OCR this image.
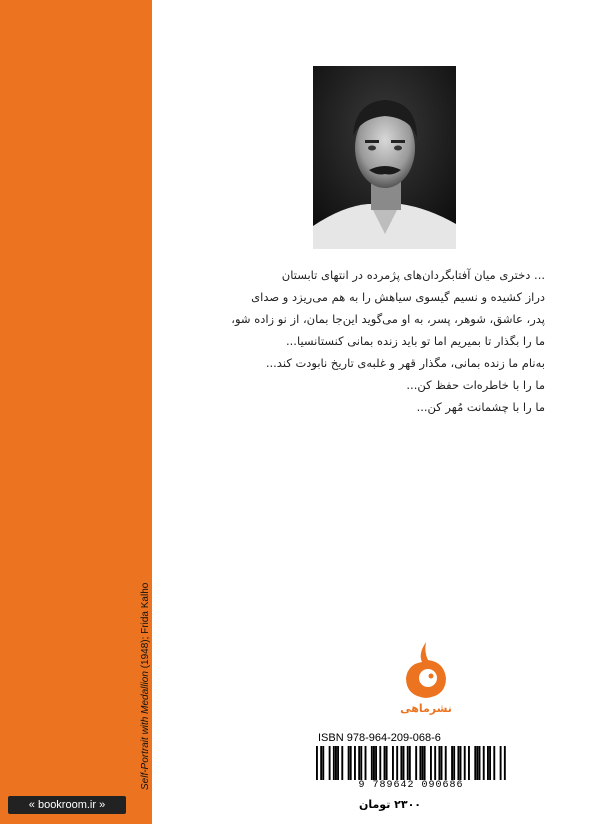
Self-Portrait with Medallion (1948); Frida Kalho
« bookroom.ir »
... دختری میان آفتابگردان‌های پژمرده در انتهای تابستان
دراز کشیده و نسیم گیسوی سیاهش را به هم می‌ریزد و صدای
پدر، عاشق، شوهر، پسر، به او می‌گوید این‌جا بمان، از نو زاده شو،
ما را بگذار تا بمیریم اما تو باید زنده بمانی کنستانسیا...
به‌نام ما زنده بمانی، مگذار قهر و غلبه‌ی تاریخ نابودت کند...
ما را با خاطره‌ات حفظ کن...
ما را با چشمانت مُهر کن...
نشرماهی
ISBN 978-964-209-068-6
9 789642 090686
۲۳۰۰ تومان
